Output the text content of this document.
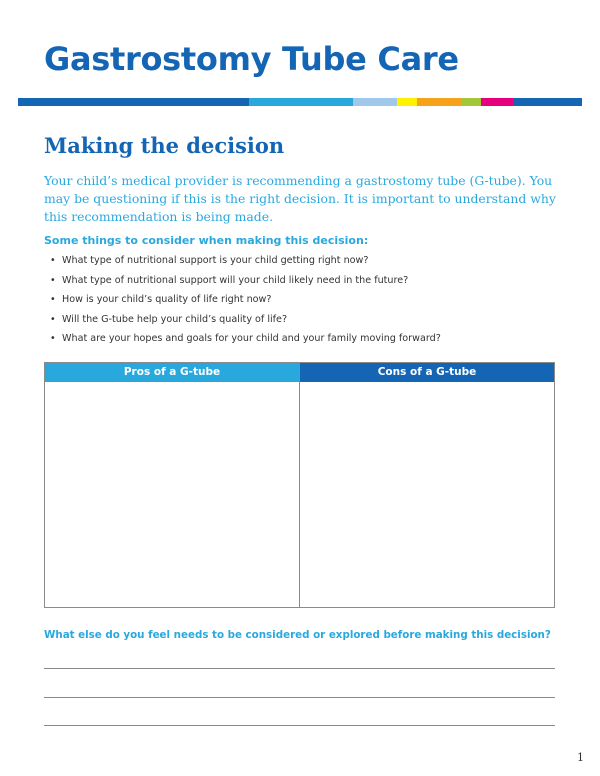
Gastrostomy Tube Care
Making the decision

Your child’s medical provider is recommending a gastrostomy tube (G-tube). You may be questioning if this is the right decision. It is important to understand why this recommendation is being made.

Some things to consider when making this decision:

• What type of nutritional support is your child getting right now?
• What type of nutritional support will your child likely need in the future?
• How is your child’s quality of life right now?
• Will the G-tube help your child’s quality of life?
• What are your hopes and goals for your child and your family moving forward?
Pros of a G-tube	Cons of a G-tube

What else do you feel needs to be considered or explored before making this decision?

1
